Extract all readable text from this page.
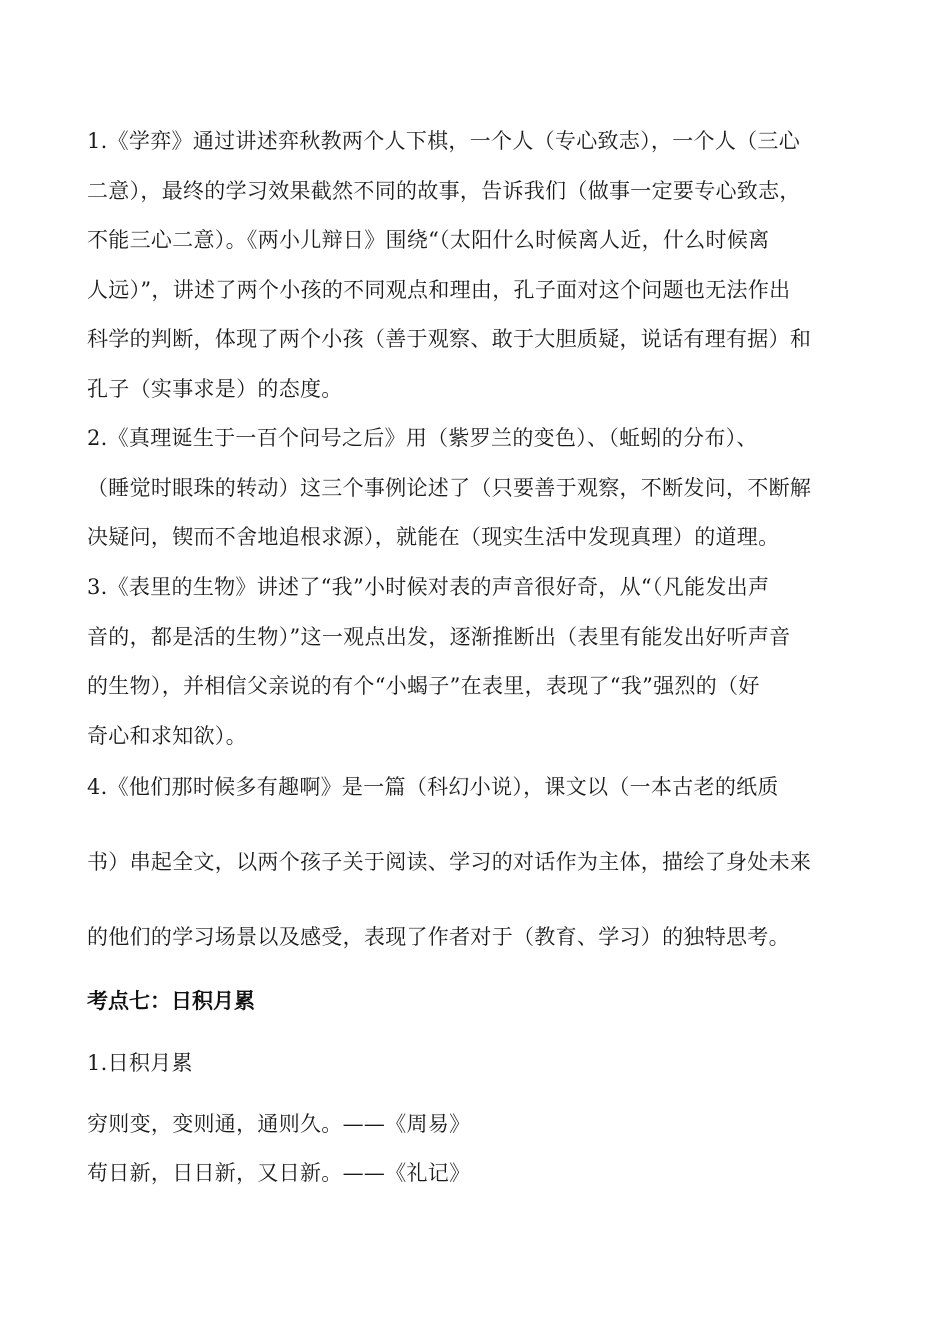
1.《学弈》通过讲述弈秋教两个人下棋，一个人（专心致志），一个人（三心
二意），最终的学习效果截然不同的故事，告诉我们（做事一定要专心致志，
不能三心二意）。《两小儿辩日》围绕“（太阳什么时候离人近，什么时候离
人远）”，讲述了两个小孩的不同观点和理由，孔子面对这个问题也无法作出
科学的判断，体现了两个小孩（善于观察、敢于大胆质疑，说话有理有据）和
孔子（实事求是）的态度。
2.《真理诞生于一百个问号之后》用（紫罗兰的变色）、（蚯蚓的分布）、
（睡觉时眼珠的转动）这三个事例论述了（只要善于观察，不断发问，不断解
决疑问，锲而不舍地追根求源），就能在（现实生活中发现真理）的道理。
3.《表里的生物》讲述了“我”小时候对表的声音很好奇，从“（凡能发出声
音的，都是活的生物）”这一观点出发，逐渐推断出（表里有能发出好听声音
的生物），并相信父亲说的有个“小蝎子”在表里，表现了“我”强烈的（好
奇心和求知欲）。
4.《他们那时候多有趣啊》是一篇（科幻小说），课文以（一本古老的纸质
书）串起全文，以两个孩子关于阅读、学习的对话作为主体，描绘了身处未来
的他们的学习场景以及感受，表现了作者对于（教育、学习）的独特思考。
考点七：日积月累
1.日积月累
穷则变，变则通，通则久。——《周易》
苟日新，日日新，又日新。——《礼记》
